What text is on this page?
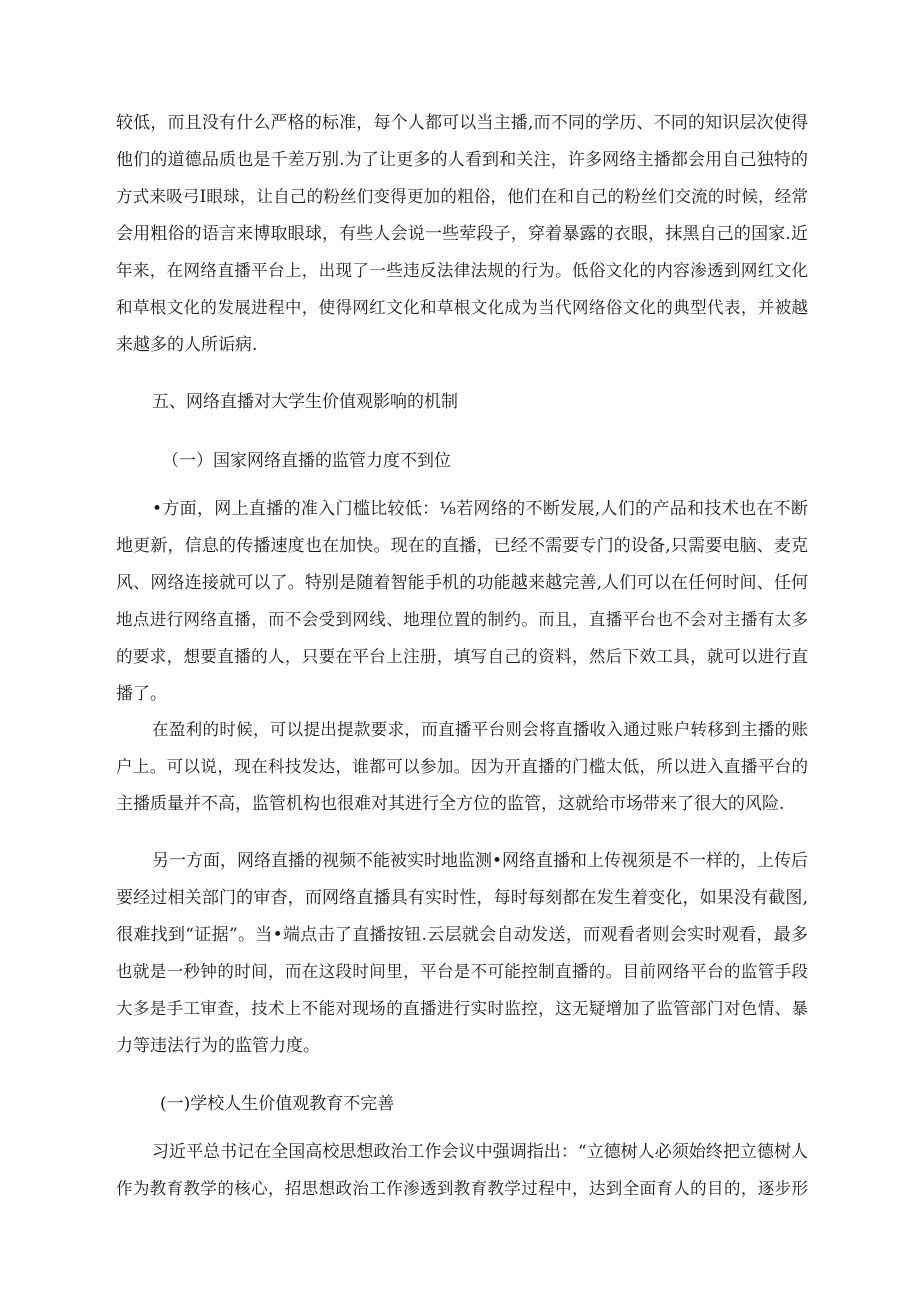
较低，而且没有什么严格的标准，每个人都可以当主播,而不同的学历、不同的知识层次使得
他们的道德品质也是千差万别.为了让更多的人看到和关注，许多网络主播都会用自己独特的
方式来吸弓I眼球，让自己的粉丝们变得更加的粗俗，他们在和自己的粉丝们交流的时候，经常
会用粗俗的语言来博取眼球，有些人会说一些荤段子，穿着暴露的衣眼，抹黑自己的国家.近
年来，在网络直播平台上，出现了一些违反法律法规的行为。低俗文化的内容渗透到网红文化
和草根文化的发展进程中，使得网红文化和草根文化成为当代网络俗文化的典型代表，并被越
来越多的人所诟病.
五、网络直播对大学生价值观影响的机制
（一）国家网络直播的监管力度不到位
•方面，网上直播的准入门槛比较低：⅛若网络的不断发展,人们的产品和技术也在不断
地更新，信息的传播速度也在加快。现在的直播，已经不需要专门的设备,只需要电脑、麦克
风、网络连接就可以了。特别是随着智能手机的功能越来越完善,人们可以在任何时间、任何
地点进行网络直播，而不会受到网线、地理位置的制约。而且，直播平台也不会对主播有太多
的要求，想要直播的人，只要在平台上注册，填写自己的资料，然后下效工具，就可以进行直
播了。
在盈利的时候，可以提出提款要求，而直播平台则会将直播收入通过账户转移到主播的账
户上。可以说，现在科技发达，谁都可以参加。因为开直播的门槛太低，所以进入直播平台的
主播质量并不高，监管机构也很难对其进行全方位的监管，这就给市场带来了很大的风险.
另一方面，网络直播的视频不能被实时地监测•网络直播和上传视须是不一样的，上传后
要经过相关部门的审杳，而网络直播具有实时性，每时每刻都在发生着变化，如果没有截图,
很难找到“证据”。当•端点击了直播按钮.云层就会自动发送，而观看者则会实时观看，最多
也就是一秒钟的时间，而在这段时间里，平台是不可能控制直播的。目前网络平台的监管手段
大多是手工审查，技术上不能对现场的直播进行实时监控，这无疑增加了监管部门对色情、暴
力等违法行为的监管力度。
(一)学校人生价值观教育不完善
习近平总书记在全国高校思想政治工作会议中强调指出：“立德树人必须始终把立德树人
作为教育教学的核心，招思想政治工作渗透到教育教学过程中，达到全面育人的目的，逐步形
